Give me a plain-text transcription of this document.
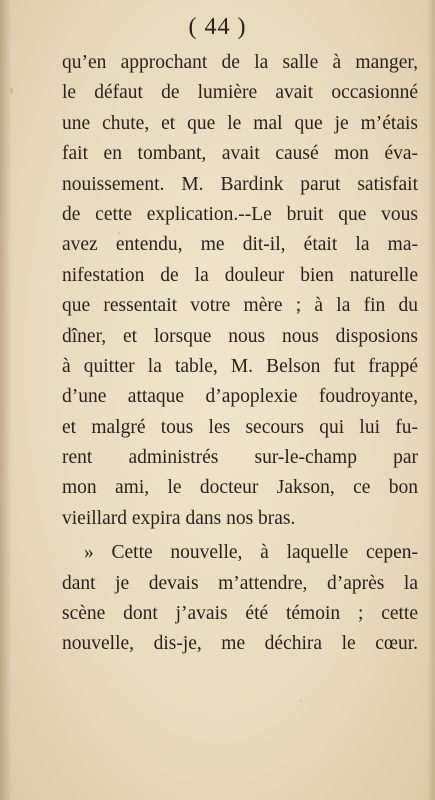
( 44 )
qu’en approchant de la salle à manger,
le défaut de lumière avait occasionné
une chute, et que le mal que je m’étais
fait en tombant, avait causé mon éva-
nouissement. M. Bardink parut satisfait
de cette explication.--Le bruit que vous
avez entendu, me dit-il, était la ma-
nifestation de la douleur bien naturelle
que ressentait votre mère ; à la fin du
dîner, et lorsque nous nous disposions
à quitter la table, M. Belson fut frappé
d’une attaque d’apoplexie foudroyante,
et malgré tous les secours qui lui fu-
rent administrés sur-le-champ par
mon ami, le docteur Jakson, ce bon
vieillard expira dans nos bras.
» Cette nouvelle, à laquelle cepen-
dant je devais m’attendre, d’après la
scène dont j’avais été témoin ; cette
nouvelle, dis-je, me déchira le cœur.
